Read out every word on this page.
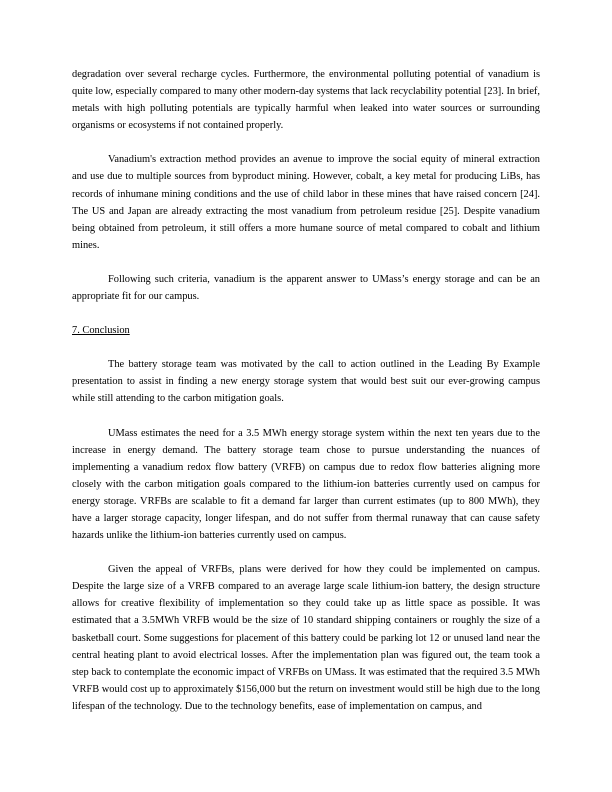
degradation over several recharge cycles. Furthermore, the environmental polluting potential of vanadium is quite low, especially compared to many other modern-day systems that lack recyclability potential [23]. In brief, metals with high polluting potentials are typically harmful when leaked into water sources or surrounding organisms or ecosystems if not contained properly.

Vanadium's extraction method provides an avenue to improve the social equity of mineral extraction and use due to multiple sources from byproduct mining. However, cobalt, a key metal for producing LiBs, has records of inhumane mining conditions and the use of child labor in these mines that have raised concern [24]. The US and Japan are already extracting the most vanadium from petroleum residue [25]. Despite vanadium being obtained from petroleum, it still offers a more humane source of metal compared to cobalt and lithium mines.

Following such criteria, vanadium is the apparent answer to UMass’s energy storage and can be an appropriate fit for our campus.

7. Conclusion

The battery storage team was motivated by the call to action outlined in the Leading By Example presentation to assist in finding a new energy storage system that would best suit our ever-growing campus while still attending to the carbon mitigation goals.

UMass estimates the need for a 3.5 MWh energy storage system within the next ten years due to the increase in energy demand. The battery storage team chose to pursue understanding the nuances of implementing a vanadium redox flow battery (VRFB) on campus due to redox flow batteries aligning more closely with the carbon mitigation goals compared to the lithium-ion batteries currently used on campus for energy storage. VRFBs are scalable to fit a demand far larger than current estimates (up to 800 MWh), they have a larger storage capacity, longer lifespan, and do not suffer from thermal runaway that can cause safety hazards unlike the lithium-ion batteries currently used on campus.

Given the appeal of VRFBs, plans were derived for how they could be implemented on campus. Despite the large size of a VRFB compared to an average large scale lithium-ion battery, the design structure allows for creative flexibility of implementation so they could take up as little space as possible. It was estimated that a 3.5MWh VRFB would be the size of 10 standard shipping containers or roughly the size of a basketball court. Some suggestions for placement of this battery could be parking lot 12 or unused land near the central heating plant to avoid electrical losses. After the implementation plan was figured out, the team took a step back to contemplate the economic impact of VRFBs on UMass. It was estimated that the required 3.5 MWh VRFB would cost up to approximately $156,000 but the return on investment would still be high due to the long lifespan of the technology. Due to the technology benefits, ease of implementation on campus, and
